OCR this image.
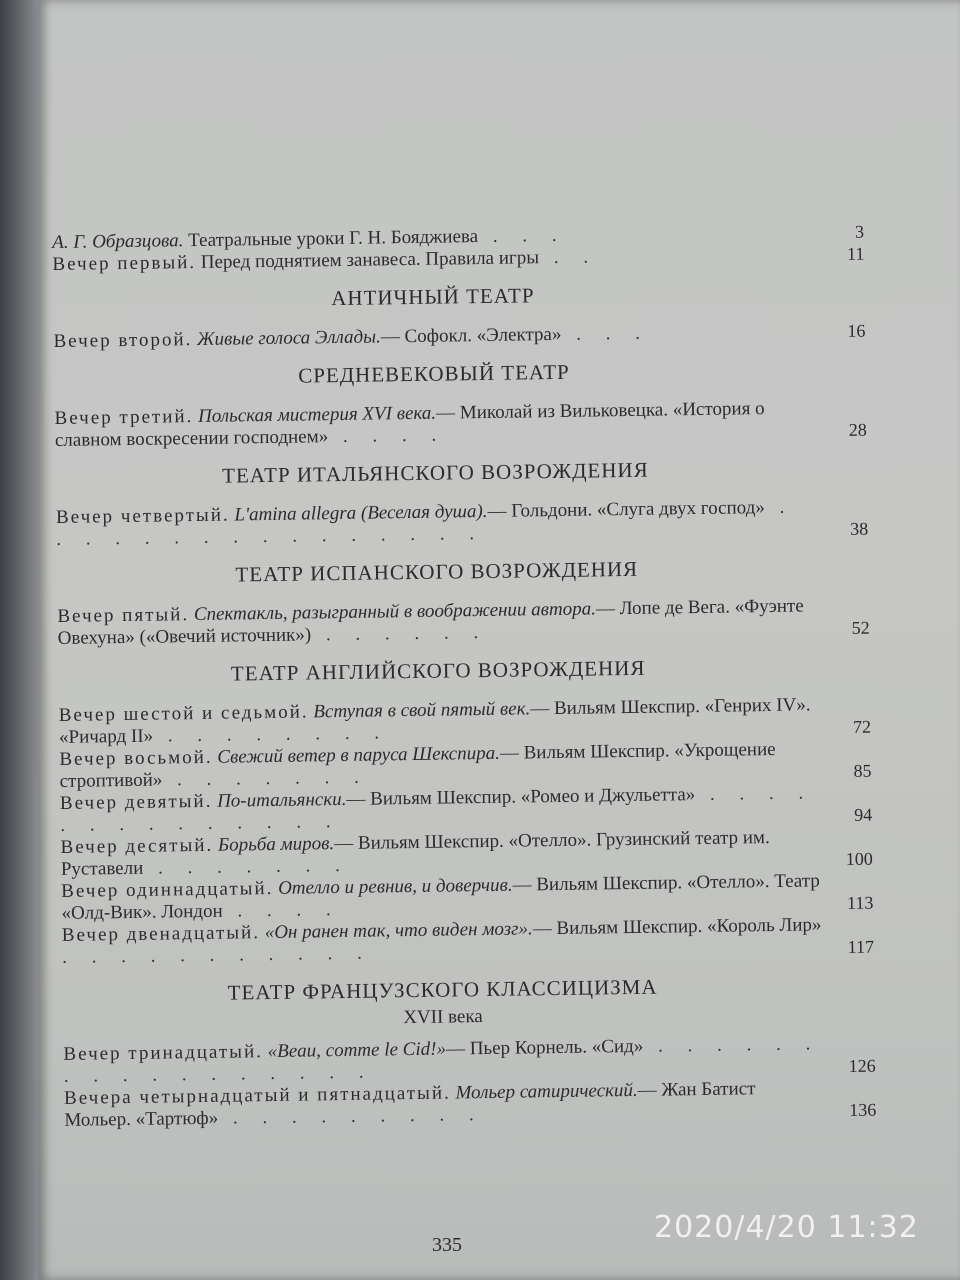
А. Г. Образцова. Театральные уроки Г. Н. Бояджиева . . .	3
Вечер первый. Перед поднятием занавеса. Правила игры . .	11
АНТИЧНЫЙ ТЕАТР
Вечер второй. Живые голоса Эллады.— Софокл. «Электра» . . .	16
СРЕДНЕВЕКОВЫЙ ТЕАТР
Вечер третий. Польская мистерия XVI века.— Миколай из Вильковецка. «История о славном воскресении господнем» . . . .	28
ТЕАТР ИТАЛЬЯНСКОГО ВОЗРОЖДЕНИЯ
Вечер четвертый. L'amina allegra (Веселая душа).— Гольдони. «Слуга двух господ» . . . . . . . . . . . . . . . .	38
ТЕАТР ИСПАНСКОГО ВОЗРОЖДЕНИЯ
Вечер пятый. Спектакль, разыгранный в воображении автора.— Лопе де Вега. «Фуэнте Овехуна» («Овечий источник») . . . . . .	52
ТЕАТР АНГЛИЙСКОГО ВОЗРОЖДЕНИЯ
Вечер шестой и седьмой. Вступая в свой пятый век.— Вильям Шекспир. «Генрих IV». «Ричард II» . . . . . . . .	72
Вечер восьмой. Свежий ветер в паруса Шекспира.— Вильям Шекспир. «Укрощение строптивой» . . . . . . .	85
Вечер девятый. По-итальянски.— Вильям Шекспир. «Ромео и Джульетта» . . . . . . . . . . . . . .	94
Вечер десятый. Борьба миров.— Вильям Шекспир. «Отелло». Грузинский театр им. Руставели . . . . . . .	100
Вечер одиннадцатый. Отелло и ревнив, и доверчив.— Вильям Шекспир. «Отелло». Театр «Олд-Вик». Лондон . . . .	113
Вечер двенадцатый. «Он ранен так, что виден мозг».— Вильям Шекспир. «Король Лир» . . . . . . . . . . .	117
ТЕАТР ФРАНЦУЗСКОГО КЛАССИЦИЗМА
XVII века
Вечер тринадцатый. «Beau, comme le Cid!»— Пьер Корнель. «Сид» . . . . . . . . . . . . . . . . .	126
Вечера четырнадцатый и пятнадцатый. Мольер сатирический.— Жан Батист Мольер. «Тартюф» . . . . . . . . .	136
335	2020/4/20 11:32
